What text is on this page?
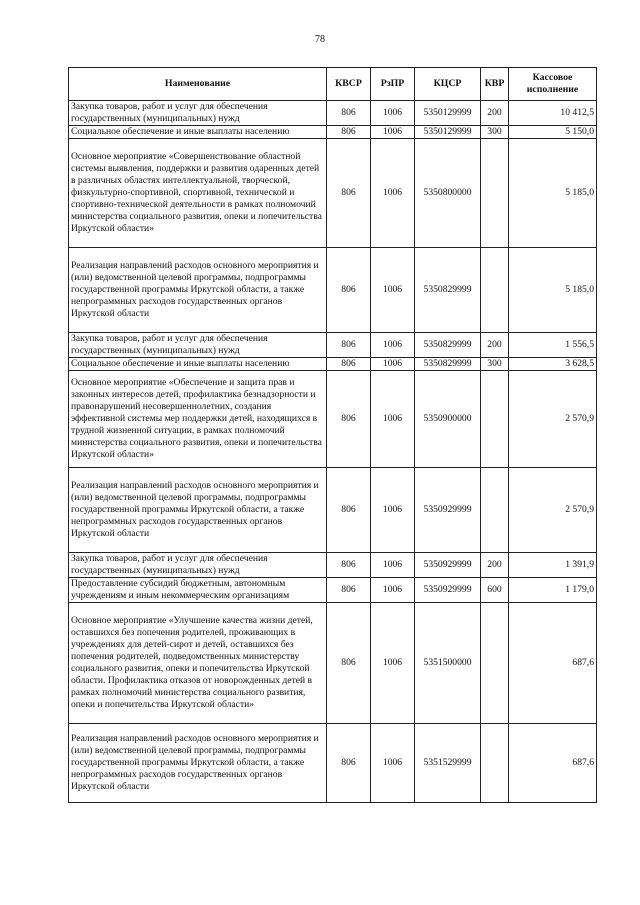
78
Наименование	КВСР	РзПР	КЦСР	КВР	Кассовое исполнение
Закупка товаров, работ и услуг для обеспечения государственных (муниципальных) нужд	806	1006	5350129999	200	10 412,5
Социальное обеспечение и иные выплаты населению	806	1006	5350129999	300	5 150,0
Основное мероприятие «Совершенствование областной системы выявления, поддержки и развития одаренных детей в различных областях интеллектуальной, творческой, физкультурно-спортивной, спортивной, технической и спортивно-технической деятельности в рамках полномочий министерства социального развития, опеки и попечительства Иркутской области»	806	1006	5350800000		5 185,0
Реализация направлений расходов основного мероприятия и (или) ведомственной целевой программы, подпрограммы государственной программы Иркутской области, а также непрограммных расходов государственных органов Иркутской области	806	1006	5350829999		5 185,0
Закупка товаров, работ и услуг для обеспечения государственных (муниципальных) нужд	806	1006	5350829999	200	1 556,5
Социальное обеспечение и иные выплаты населению	806	1006	5350829999	300	3 628,5
Основное мероприятие «Обеспечение и защита прав и законных интересов детей, профилактика безнадзорности и правонарушений несовершеннолетних, создания эффективной системы мер поддержки детей, находящихся в трудной жизненной ситуации, в рамках полномочий министерства социального развития, опеки и попечительства Иркутской области»	806	1006	5350900000		2 570,9
Реализация направлений расходов основного мероприятия и (или) ведомственной целевой программы, подпрограммы государственной программы Иркутской области, а также непрограммных расходов государственных органов Иркутской области	806	1006	5350929999		2 570,9
Закупка товаров, работ и услуг для обеспечения государственных (муниципальных) нужд	806	1006	5350929999	200	1 391,9
Предоставление субсидий бюджетным, автономным учреждениям и иным некоммерческим организациям	806	1006	5350929999	600	1 179,0
Основное мероприятие «Улучшение качества жизни детей, оставшихся без попечения родителей, проживающих в учреждениях для детей-сирот и детей, оставшихся без попечения родителей, подведомственных министерству социального развития, опеки и попечительства Иркутской области. Профилактика отказов от новорожденных детей в рамках полномочий министерства социального развития, опеки и попечительства Иркутской области»	806	1006	5351500000		687,6
Реализация направлений расходов основного мероприятия и (или) ведомственной целевой программы, подпрограммы государственной программы Иркутской области, а также непрограммных расходов государственных органов Иркутской области	806	1006	5351529999		687,6
